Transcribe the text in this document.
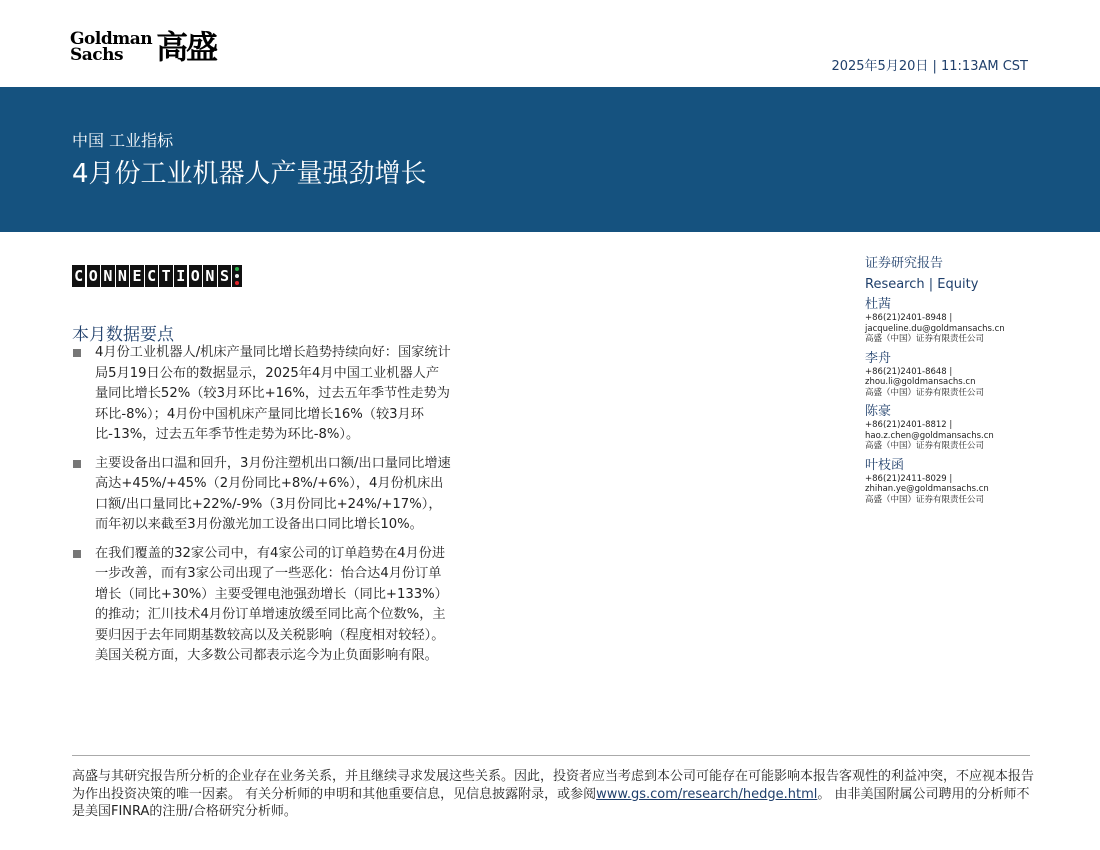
Goldman
Sachs	高盛
2025年5月20日 | 11:13AM CST
中国 工业指标
4月份工业机器人产量强劲增长
C O N N E C T I O N S
本月数据要点
4月份工业机器人/机床产量同比增长趋势持续向好：国家统计局5月19日公布的数据显示，2025年4月中国工业机器人产量同比增长52%（较3月环比+16%，过去五年季节性走势为环比-8%）；4月份中国机床产量同比增长16%（较3月环比-13%，过去五年季节性走势为环比-8%）。
主要设备出口温和回升，3月份注塑机出口额/出口量同比增速高达+45%/+45%（2月份同比+8%/+6%），4月份机床出口额/出口量同比+22%/-9%（3月份同比+24%/+17%），而年初以来截至3月份激光加工设备出口同比增长10%。
在我们覆盖的32家公司中，有4家公司的订单趋势在4月份进一步改善，而有3家公司出现了一些恶化：怡合达4月份订单增长（同比+30%）主要受锂电池强劲增长（同比+133%）的推动；汇川技术4月份订单增速放缓至同比高个位数%，主要归因于去年同期基数较高以及关税影响（程度相对较轻）。美国关税方面，大多数公司都表示迄今为止负面影响有限。
证券研究报告
Research | Equity
杜茜
+86(21)2401-8948 |
jacqueline.du@goldmansachs.cn
高盛（中国）证券有限责任公司
李舟
+86(21)2401-8648 |
zhou.li@goldmansachs.cn
高盛（中国）证券有限责任公司
陈豪
+86(21)2401-8812 |
hao.z.chen@goldmansachs.cn
高盛（中国）证券有限责任公司
叶枝函
+86(21)2411-8029 |
zhihan.ye@goldmansachs.cn
高盛（中国）证券有限责任公司
高盛与其研究报告所分析的企业存在业务关系，并且继续寻求发展这些关系。因此，投资者应当考虑到本公司可能存在可能影响本报告客观性的利益冲突，不应视本报告为作出投资决策的唯一因素。 有关分析师的申明和其他重要信息，见信息披露附录，或参阅www.gs.com/research/hedge.html。 由非美国附属公司聘用的分析师不是美国FINRA的注册/合格研究分析师。
